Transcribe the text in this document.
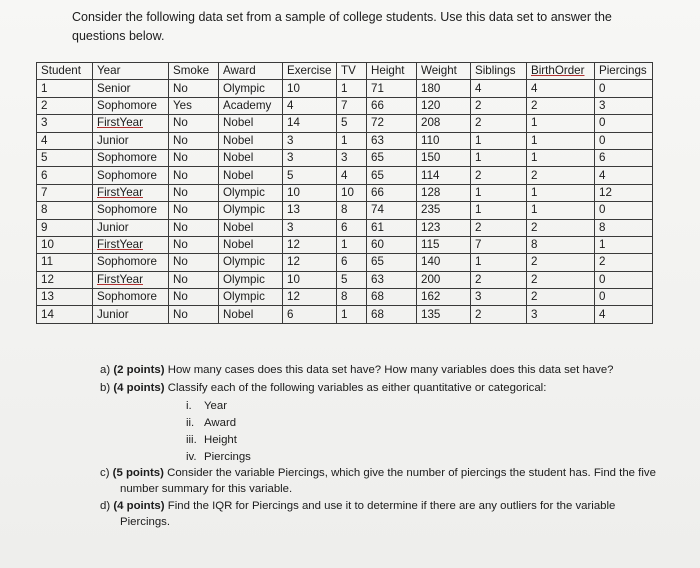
Consider the following data set from a sample of college students. Use this data set to answer the questions below.
Student	Year	Smoke	Award	Exercise	TV	Height	Weight	Siblings	BirthOrder	Piercings
1	Senior	No	Olympic	10	1	71	180	4	4	0
2	Sophomore	Yes	Academy	4	7	66	120	2	2	3
3	FirstYear	No	Nobel	14	5	72	208	2	1	0
4	Junior	No	Nobel	3	1	63	110	1	1	0
5	Sophomore	No	Nobel	3	3	65	150	1	1	6
6	Sophomore	No	Nobel	5	4	65	114	2	2	4
7	FirstYear	No	Olympic	10	10	66	128	1	1	12
8	Sophomore	No	Olympic	13	8	74	235	1	1	0
9	Junior	No	Nobel	3	6	61	123	2	2	8
10	FirstYear	No	Nobel	12	1	60	115	7	8	1
11	Sophomore	No	Olympic	12	6	65	140	1	2	2
12	FirstYear	No	Olympic	10	5	63	200	2	2	0
13	Sophomore	No	Olympic	12	8	68	162	3	2	0
14	Junior	No	Nobel	6	1	68	135	2	3	4
a) (2 points) How many cases does this data set have? How many variables does this data set have?
b) (4 points) Classify each of the following variables as either quantitative or categorical:
i. Year
ii. Award
iii. Height
iv. Piercings
c) (5 points) Consider the variable Piercings, which give the number of piercings the student has. Find the five number summary for this variable.
d) (4 points) Find the IQR for Piercings and use it to determine if there are any outliers for the variable Piercings.
